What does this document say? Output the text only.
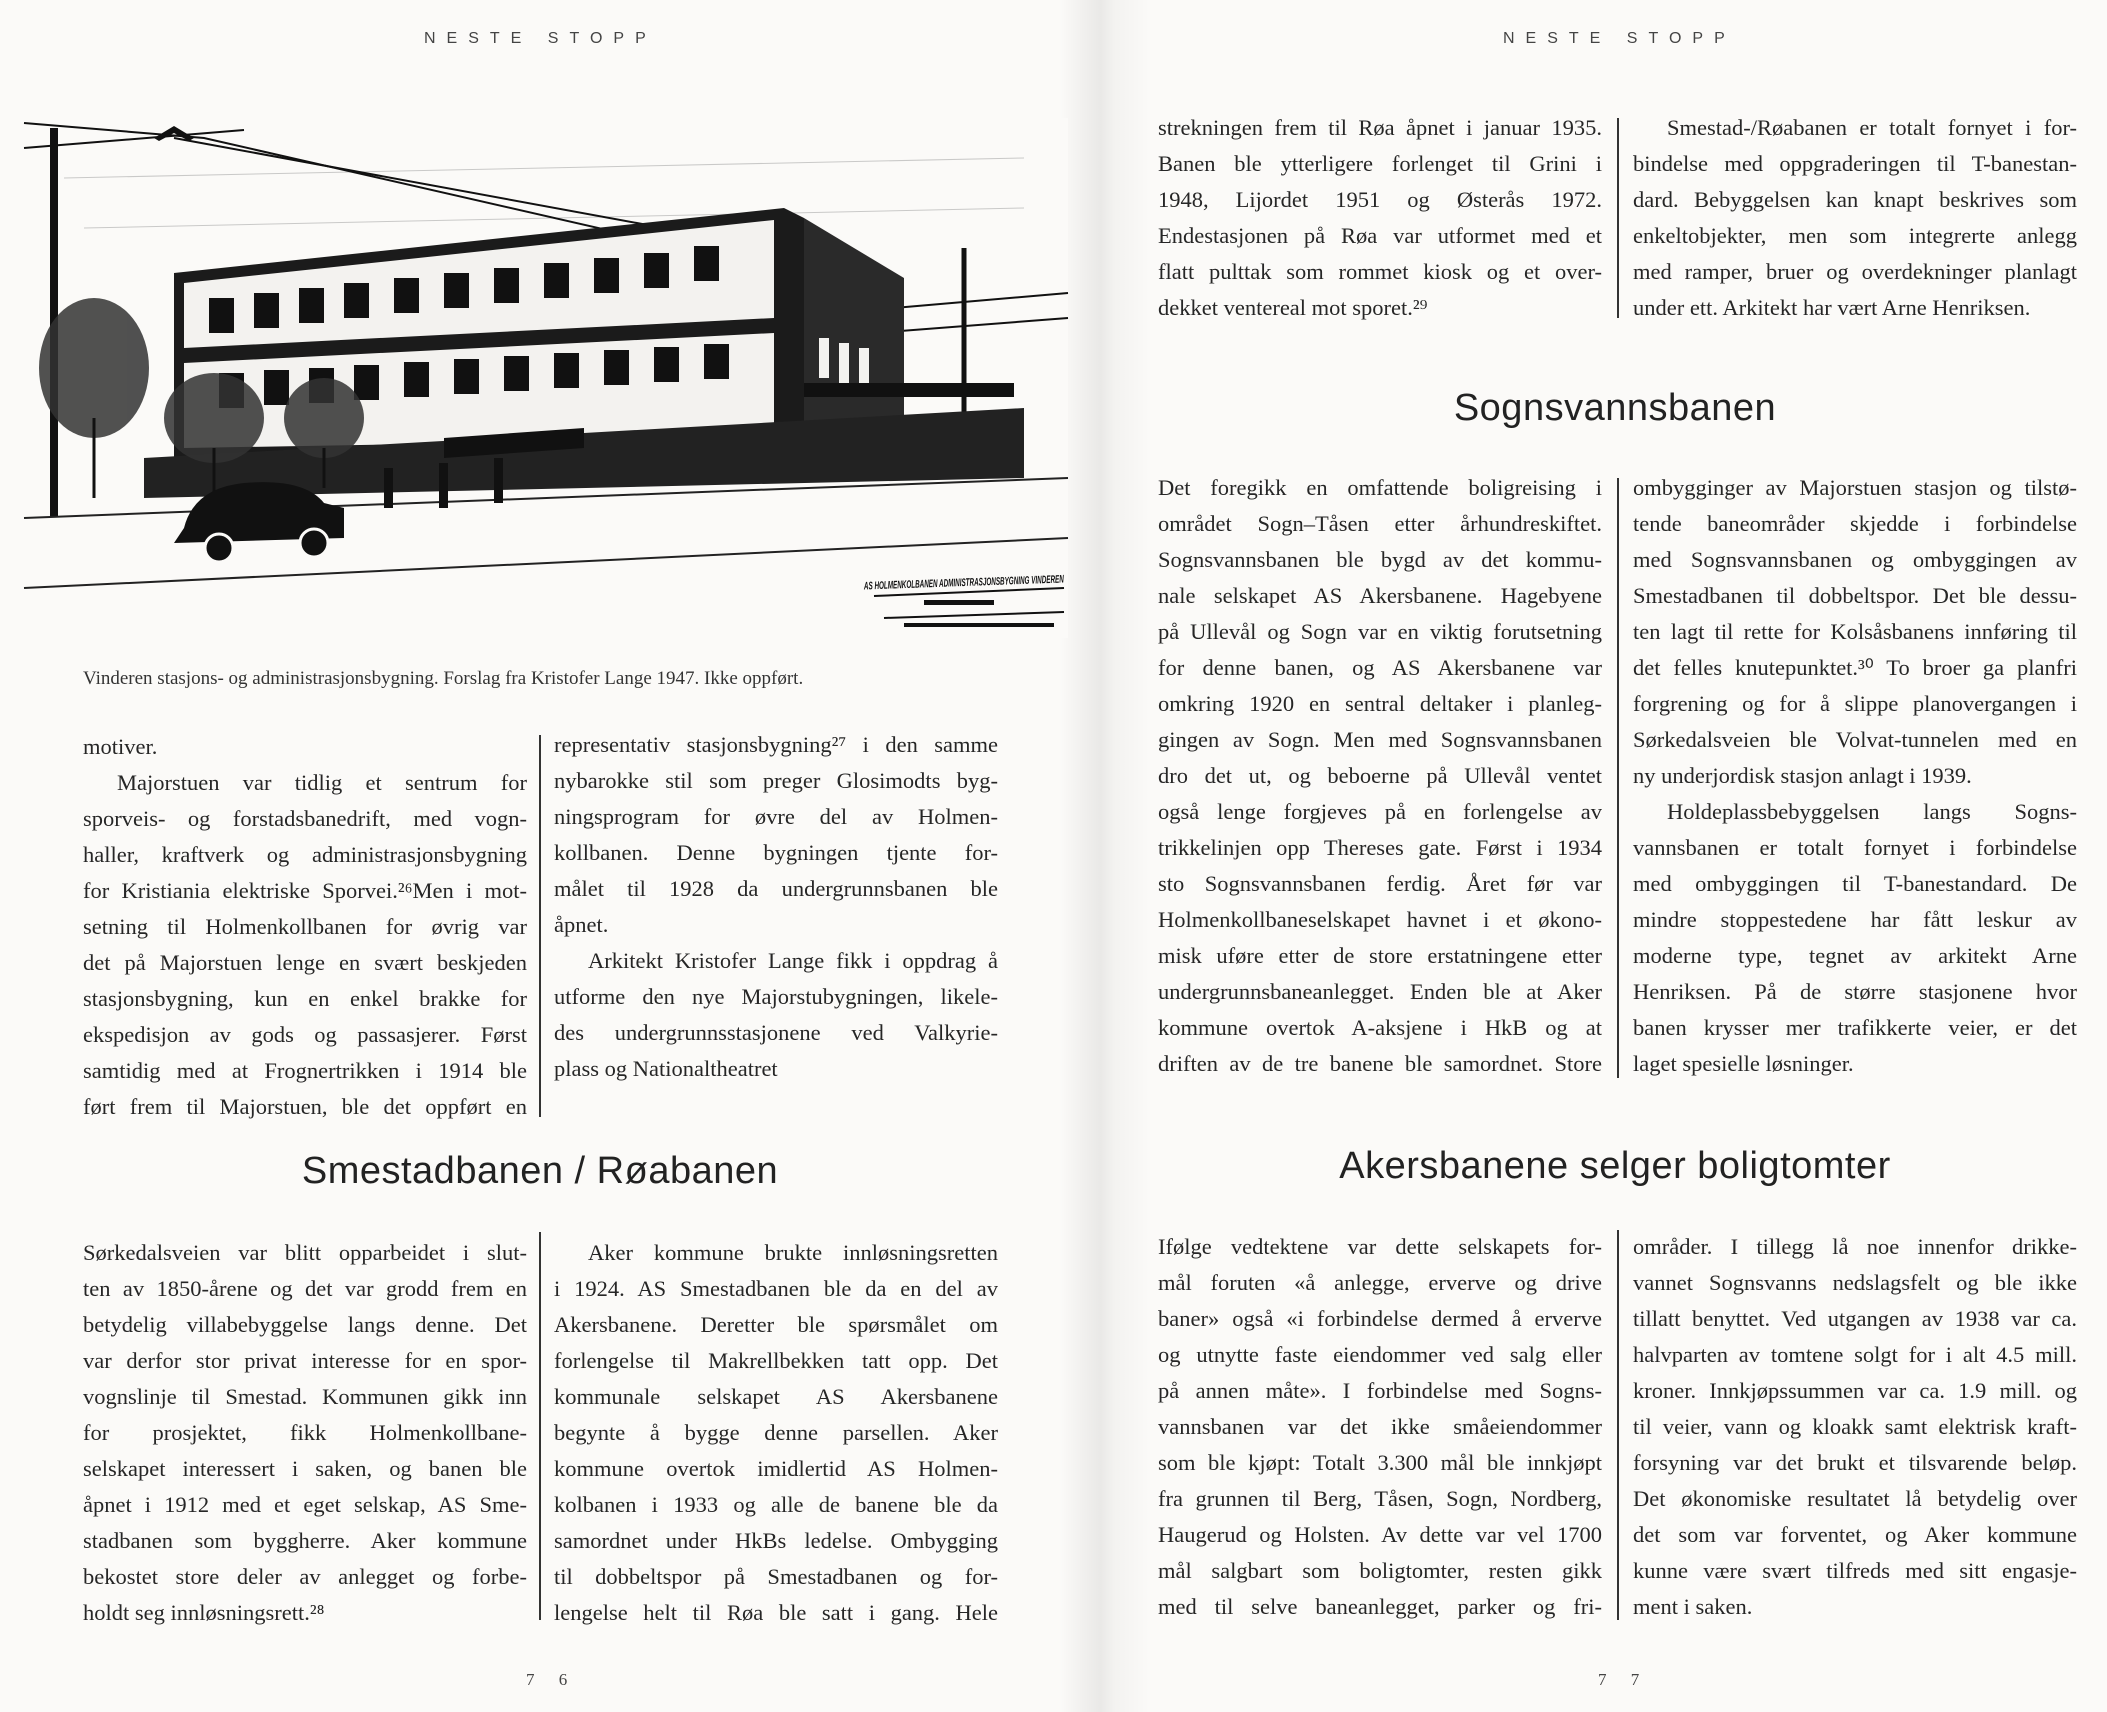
NESTE STOPP
AS HOLMENKOLBANEN ADMINISTRASJONSBYGNING VINDEREN
Vinderen stasjons- og administrasjonsbygning. Forslag fra Kristofer Lange 1947. Ikke oppført.
motiver.
Majorstuen var tidlig et sentrum for
sporveis- og forstadsbanedrift, med vogn-
haller, kraftverk og administrasjonsbygning
for Kristiania elektriske Sporvei.²⁶Men i mot-
setning til Holmenkollbanen for øvrig var
det på Majorstuen lenge en svært beskjeden
stasjonsbygning, kun en enkel brakke for
ekspedisjon av gods og passasjerer. Først
samtidig med at Frognertrikken i 1914 ble
ført frem til Majorstuen, ble det oppført en
representativ stasjonsbygning²⁷ i den samme
nybarokke stil som preger Glosimodts byg-
ningsprogram for øvre del av Holmen-
kollbanen. Denne bygningen tjente for-
målet til 1928 da undergrunnsbanen ble
åpnet.
Arkitekt Kristofer Lange fikk i oppdrag å
utforme den nye Majorstubygningen, likele-
des undergrunnsstasjonene ved Valkyrie-
plass og Nationaltheatret
Smestadbanen / Røabanen
Sørkedalsveien var blitt opparbeidet i slut-
ten av 1850-årene og det var grodd frem en
betydelig villabebyggelse langs denne. Det
var derfor stor privat interesse for en spor-
vognslinje til Smestad. Kommunen gikk inn
for prosjektet, fikk Holmenkollbane-
selskapet interessert i saken, og banen ble
åpnet i 1912 med et eget selskap, AS Sme-
stadbanen som byggherre. Aker kommune
bekostet store deler av anlegget og forbe-
holdt seg innløsningsrett.²⁸
Aker kommune brukte innløsningsretten
i 1924. AS Smestadbanen ble da en del av
Akersbanene. Deretter ble spørsmålet om
forlengelse til Makrellbekken tatt opp. Det
kommunale selskapet AS Akersbanene
begynte å bygge denne parsellen. Aker
kommune overtok imidlertid AS Holmen-
kolbanen i 1933 og alle de banene ble da
samordnet under HkBs ledelse. Ombygging
til dobbeltspor på Smestadbanen og for-
lengelse helt til Røa ble satt i gang. Hele
7 6
NESTE STOPP
strekningen frem til Røa åpnet i januar 1935.
Banen ble ytterligere forlenget til Grini i
1948, Lijordet 1951 og Østerås 1972.
Endestasjonen på Røa var utformet med et
flatt pulttak som rommet kiosk og et over-
dekket ventereal mot sporet.²⁹
Smestad-/Røabanen er totalt fornyet i for-
bindelse med oppgraderingen til T-banestan-
dard. Bebyggelsen kan knapt beskrives som
enkeltobjekter, men som integrerte anlegg
med ramper, bruer og overdekninger planlagt
under ett. Arkitekt har vært Arne Henriksen.
Sognsvannsbanen
Det foregikk en omfattende boligreising i
området Sogn–Tåsen etter århundreskiftet.
Sognsvannsbanen ble bygd av det kommu-
nale selskapet AS Akersbanene. Hagebyene
på Ullevål og Sogn var en viktig forutsetning
for denne banen, og AS Akersbanene var
omkring 1920 en sentral deltaker i planleg-
gingen av Sogn. Men med Sognsvannsbanen
dro det ut, og beboerne på Ullevål ventet
også lenge forgjeves på en forlengelse av
trikkelinjen opp Thereses gate. Først i 1934
sto Sognsvannsbanen ferdig. Året før var
Holmenkollbaneselskapet havnet i et økono-
misk uføre etter de store erstatningene etter
undergrunnsbaneanlegget. Enden ble at Aker
kommune overtok A-aksjene i HkB og at
driften av de tre banene ble samordnet. Store
ombygginger av Majorstuen stasjon og tilstø-
tende baneområder skjedde i forbindelse
med Sognsvannsbanen og ombyggingen av
Smestadbanen til dobbeltspor. Det ble dessu-
ten lagt til rette for Kolsåsbanens innføring til
det felles knutepunktet.³⁰ To broer ga planfri
forgrening og for å slippe planovergangen i
Sørkedalsveien ble Volvat-tunnelen med en
ny underjordisk stasjon anlagt i 1939.
Holdeplassbebyggelsen langs Sogns-
vannsbanen er totalt fornyet i forbindelse
med ombyggingen til T-banestandard. De
mindre stoppestedene har fått leskur av
moderne type, tegnet av arkitekt Arne
Henriksen. På de større stasjonene hvor
banen krysser mer trafikkerte veier, er det
laget spesielle løsninger.
Akersbanene selger boligtomter
Ifølge vedtektene var dette selskapets for-
mål foruten «å anlegge, erverve og drive
baner» også «i forbindelse dermed å erverve
og utnytte faste eiendommer ved salg eller
på annen måte». I forbindelse med Sogns-
vannsbanen var det ikke småeiendommer
som ble kjøpt: Totalt 3.300 mål ble innkjøpt
fra grunnen til Berg, Tåsen, Sogn, Nordberg,
Haugerud og Holsten. Av dette var vel 1700
mål salgbart som boligtomter, resten gikk
med til selve baneanlegget, parker og fri-
områder. I tillegg lå noe innenfor drikke-
vannet Sognsvanns nedslagsfelt og ble ikke
tillatt benyttet. Ved utgangen av 1938 var ca.
halvparten av tomtene solgt for i alt 4.5 mill.
kroner. Innkjøpssummen var ca. 1.9 mill. og
til veier, vann og kloakk samt elektrisk kraft-
forsyning var det brukt et tilsvarende beløp.
Det økonomiske resultatet lå betydelig over
det som var forventet, og Aker kommune
kunne være svært tilfreds med sitt engasje-
ment i saken.
7 7
